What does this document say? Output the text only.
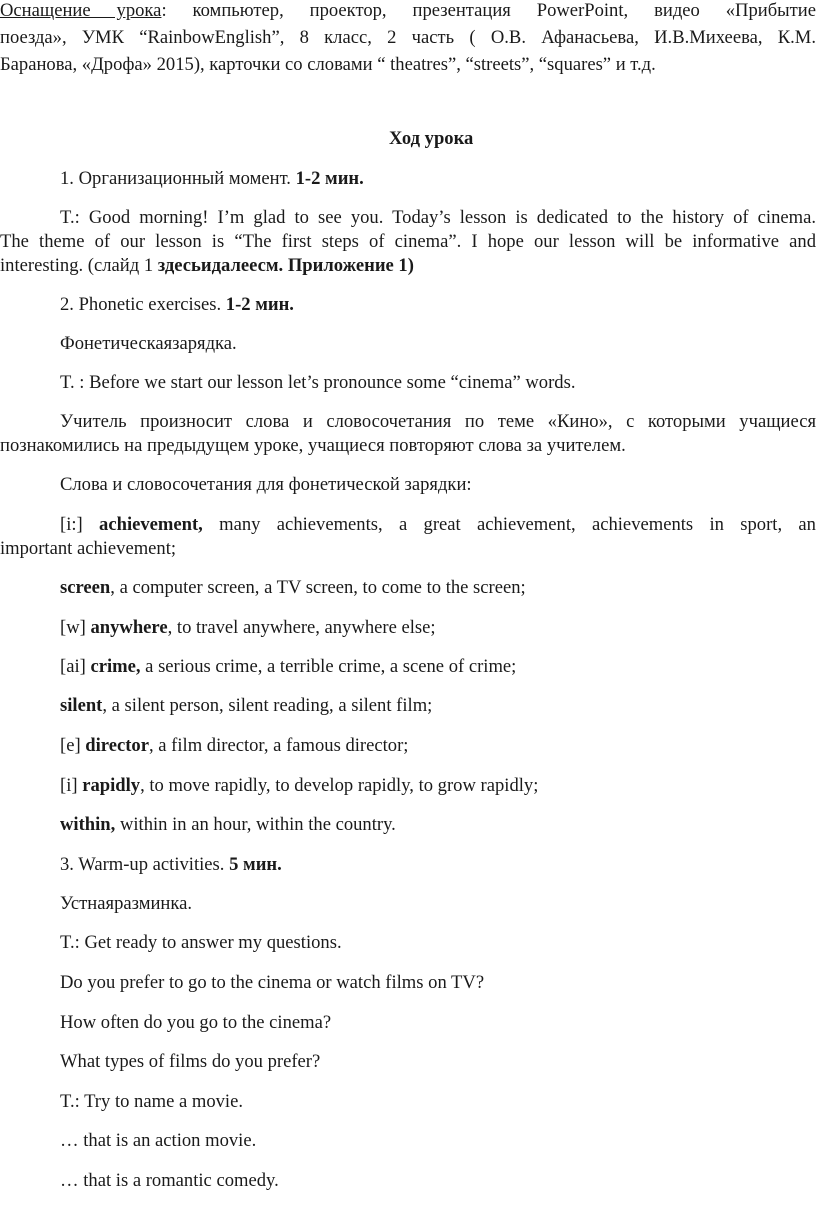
Оснащение урока: компьютер, проектор, презентация PowerPoint, видео «Прибытие
поезда», УМК “RainbowEnglish”, 8 класс, 2 часть ( О.В. Афанасьева, И.В.Михеева, К.М.
Баранова, «Дрофа» 2015), карточки со словами “ theatres”, “streets”, “squares” и т.д.
Ход урока
1. Организационный момент. 1-2 мин.
T.: Good morning! I’m glad to see you. Today’s lesson is dedicated to the history of cinema.
The theme of our lesson is “The first steps of cinema”. I hope our lesson will be informative and
interesting. (слайд 1 здесьидалеесм. Приложение 1)
2. Phonetic exercises. 1-2 мин.
Фонетическаязарядка.
T. : Before we start our lesson let’s pronounce some “cinema” words.
Учитель произносит слова и словосочетания по теме «Кино», с которыми учащиеся
познакомились на предыдущем уроке, учащиеся повторяют слова за учителем.
Слова и словосочетания для фонетической зарядки:
[i:] achievement, many achievements, a great achievement, achievements in sport, an
important achievement;
screen, a computer screen, a TV screen, to come to the screen;
[w] anywhere, to travel anywhere, anywhere else;
[ai] crime, a serious crime, a terrible crime, a scene of crime;
silent, a silent person, silent reading, a silent film;
[e] director, a film director, a famous director;
[i] rapidly, to move rapidly, to develop rapidly, to grow rapidly;
within, within in an hour, within the country.
3. Warm-up activities. 5 мин.
Устнаяразминка.
T.: Get ready to answer my questions.
Do you prefer to go to the cinema or watch films on TV?
How often do you go to the cinema?
What types of films do you prefer?
T.: Try to name a movie.
… that is an action movie.
… that is a romantic comedy.
